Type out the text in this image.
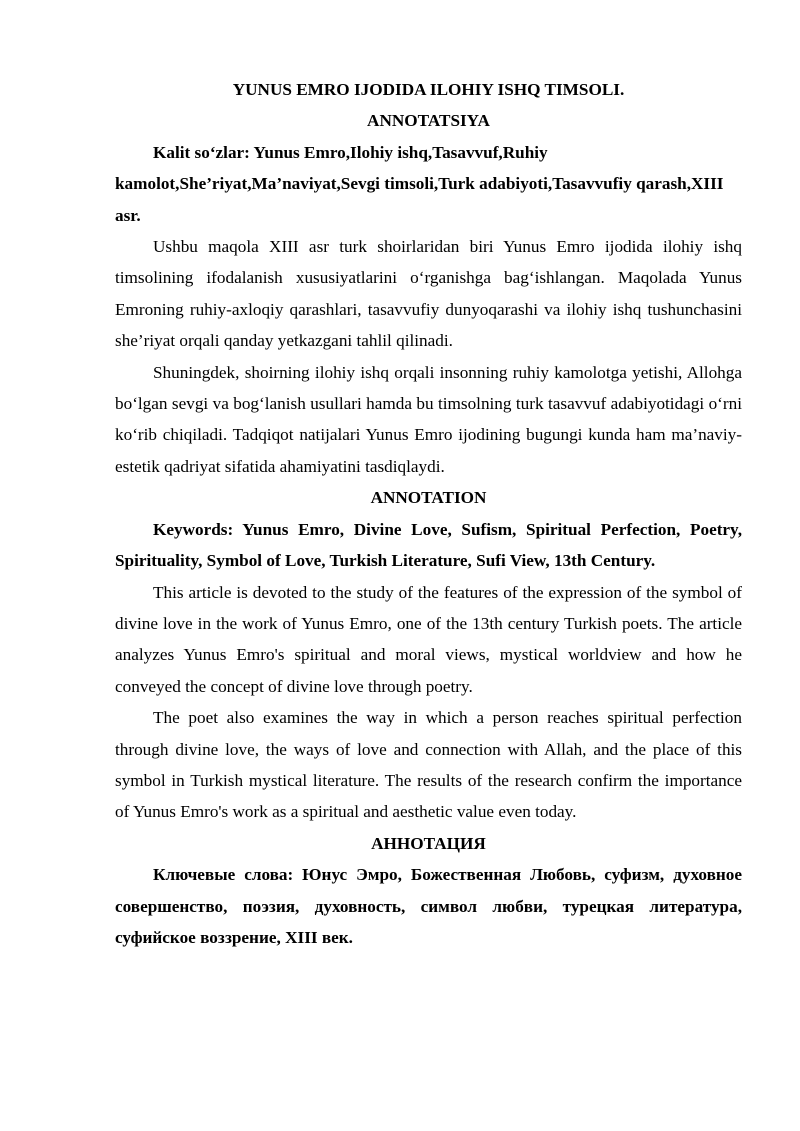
YUNUS EMRO IJODIDA ILOHIY ISHQ TIMSOLI.
ANNOTATSIYA

Kalit so‘zlar: Yunus Emro,Ilohiy ishq,Tasavvuf,Ruhiy kamolot,She’riyat,Ma’naviyat,Sevgi timsoli,Turk adabiyoti,Tasavvufiy qarash,XIII asr.

Ushbu maqola XIII asr turk shoirlaridan biri Yunus Emro ijodida ilohiy ishq timsolining ifodalanish xususiyatlarini o‘rganishga bag‘ishlangan. Maqolada Yunus Emroning ruhiy-axloqiy qarashlari, tasavvufiy dunyoqarashi va ilohiy ishq tushunchasini she’riyat orqali qanday yetkazgani tahlil qilinadi.

Shuningdek, shoirning ilohiy ishq orqali insonning ruhiy kamolotga yetishi, Allohga bo‘lgan sevgi va bog‘lanish usullari hamda bu timsolning turk tasavvuf adabiyotidagi o‘rni ko‘rib chiqiladi. Tadqiqot natijalari Yunus Emro ijodining bugungi kunda ham ma’naviy-estetik qadriyat sifatida ahamiyatini tasdiqlaydi.

ANNOTATION

Keywords: Yunus Emro, Divine Love, Sufism, Spiritual Perfection, Poetry, Spirituality, Symbol of Love, Turkish Literature, Sufi View, 13th Century.

This article is devoted to the study of the features of the expression of the symbol of divine love in the work of Yunus Emro, one of the 13th century Turkish poets. The article analyzes Yunus Emro's spiritual and moral views, mystical worldview and how he conveyed the concept of divine love through poetry.

The poet also examines the way in which a person reaches spiritual perfection through divine love, the ways of love and connection with Allah, and the place of this symbol in Turkish mystical literature. The results of the research confirm the importance of Yunus Emro's work as a spiritual and aesthetic value even today.

АННОТАЦИЯ

Ключевые слова: Юнус Эмро, Божественная Любовь, суфизм, духовное совершенство, поэзия, духовность, символ любви, турецкая литература, суфийское воззрение, XIII век.
